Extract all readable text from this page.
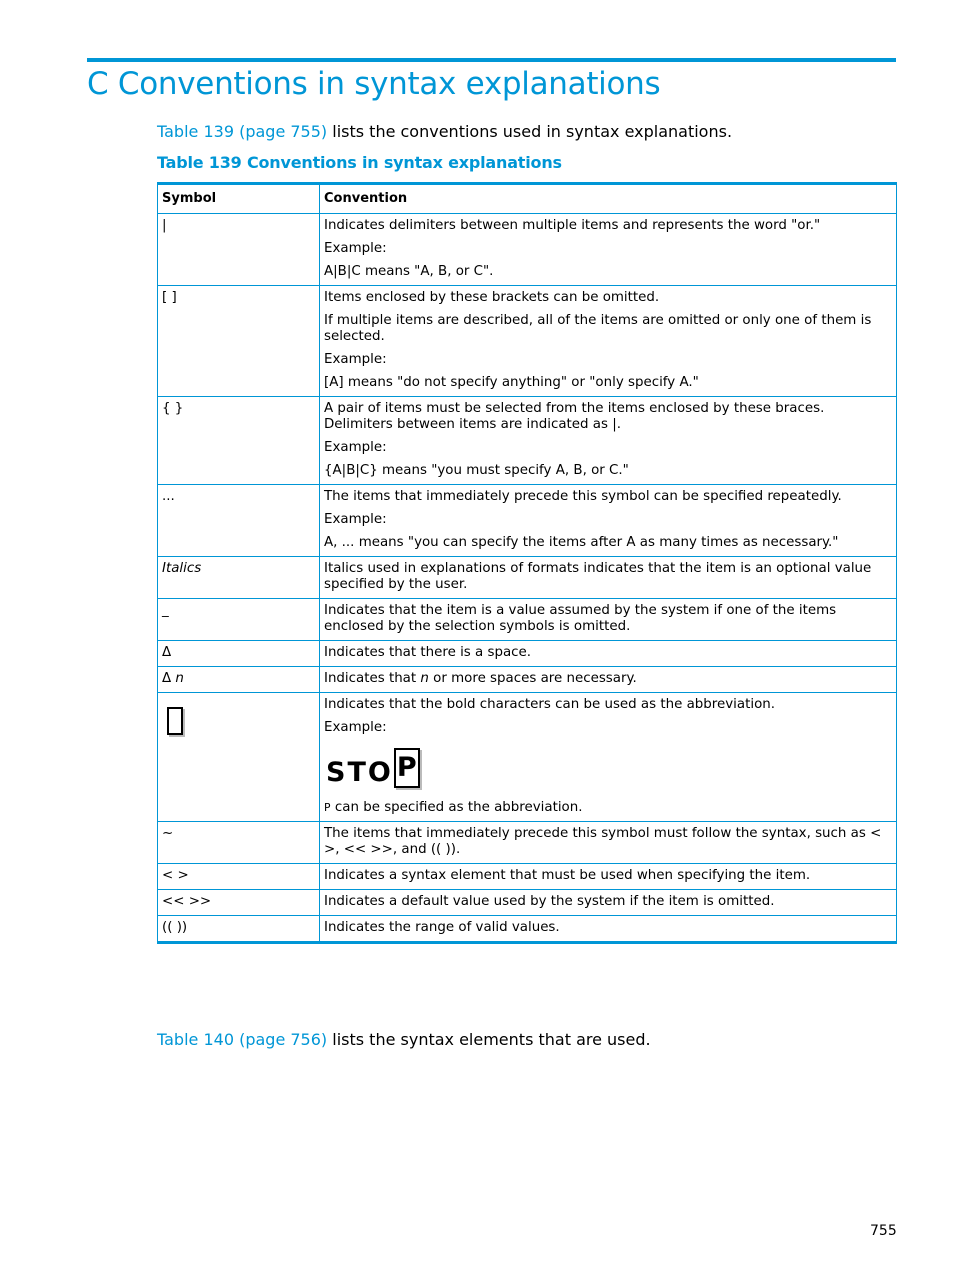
C Conventions in syntax explanations
Table 139 (page 755) lists the conventions used in syntax explanations.
Table 139 Conventions in syntax explanations
Symbol	Convention
|	Indicates delimiters between multiple items and represents the word "or."

Example:

A|B|C means "A, B, or C".

[ ]	Items enclosed by these brackets can be omitted.

If multiple items are described, all of the items are omitted or only one of them is selected.

Example:

[A] means "do not specify anything" or "only specify A."

{ }	A pair of items must be selected from the items enclosed by these braces. Delimiters between items are indicated as |.

Example:

{A|B|C} means "you must specify A, B, or C."

...	The items that immediately precede this symbol can be specified repeatedly.

Example:

A, ... means "you can specify the items after A as many times as necessary."

Italics	Italics used in explanations of formats indicates that the item is an optional value specified by the user.

_	Indicates that the item is a value assumed by the system if one of the items enclosed by the selection symbols is omitted.

Δ	Indicates that there is a space.

Δ n	Indicates that n or more spaces are necessary.

	Indicates that the bold characters can be used as the abbreviation.

Example:

STO P

P can be specified as the abbreviation.

~	The items that immediately precede this symbol must follow the syntax, such as < >, << >>, and (( )).

< >	Indicates a syntax element that must be used when specifying the item.

<< >>	Indicates a default value used by the system if the item is omitted.

(( ))	Indicates the range of valid values.

Table 140 (page 756) lists the syntax elements that are used.
755
